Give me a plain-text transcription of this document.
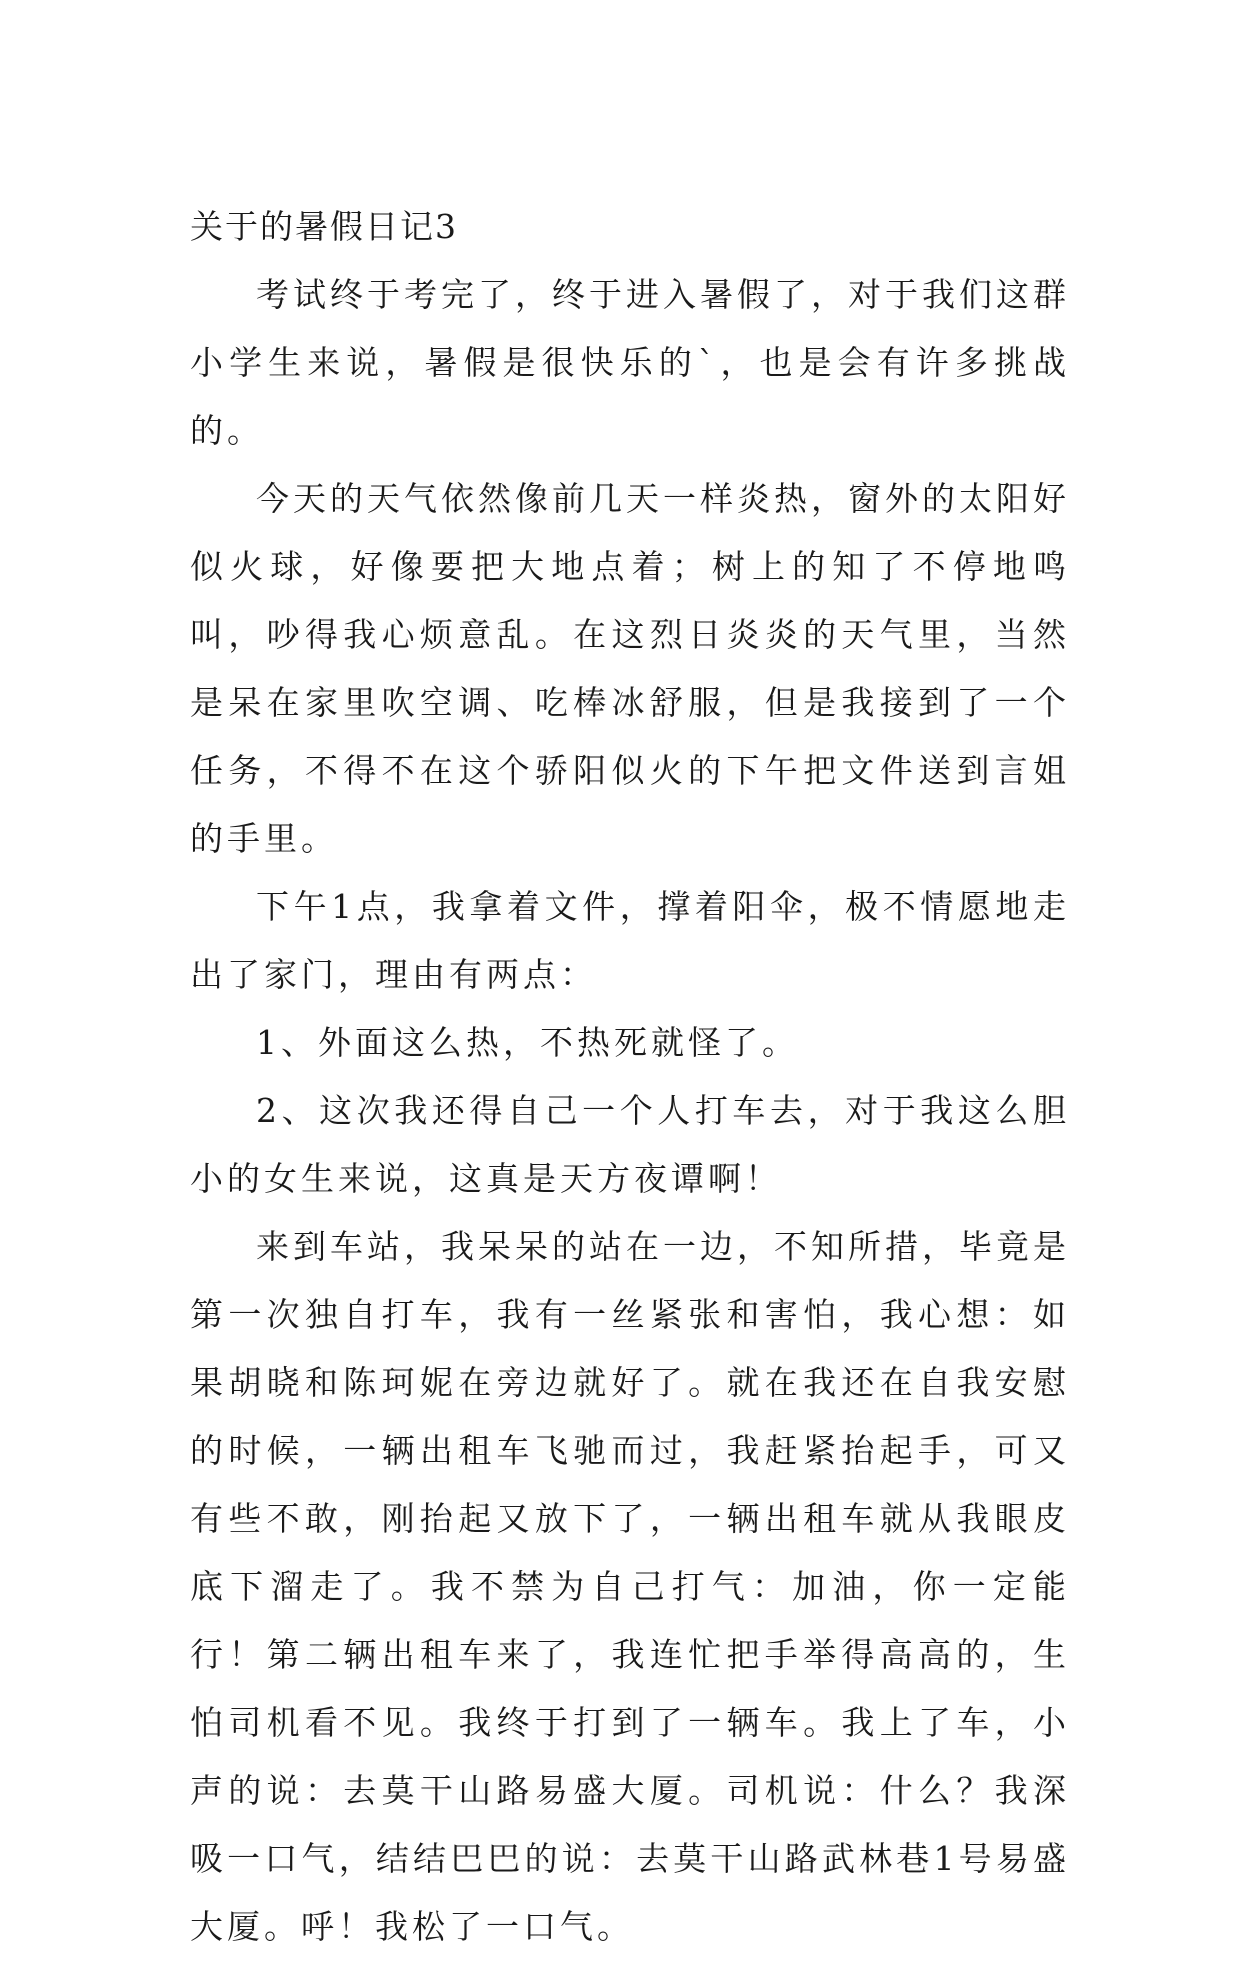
关于的暑假日记3

考试终于考完了，终于进入暑假了，对于我们这群小学生来说，暑假是很快乐的`，也是会有许多挑战的。

今天的天气依然像前几天一样炎热，窗外的太阳好似火球，好像要把大地点着；树上的知了不停地鸣叫，吵得我心烦意乱。在这烈日炎炎的天气里，当然是呆在家里吹空调、吃棒冰舒服，但是我接到了一个任务，不得不在这个骄阳似火的下午把文件送到言姐的手里。

下午1点，我拿着文件，撑着阳伞，极不情愿地走出了家门，理由有两点：

1、外面这么热，不热死就怪了。

2、这次我还得自己一个人打车去，对于我这么胆小的女生来说，这真是天方夜谭啊！

来到车站，我呆呆的站在一边，不知所措，毕竟是第一次独自打车，我有一丝紧张和害怕，我心想：如果胡晓和陈珂妮在旁边就好了。就在我还在自我安慰的时候，一辆出租车飞驰而过，我赶紧抬起手，可又有些不敢，刚抬起又放下了，一辆出租车就从我眼皮底下溜走了。我不禁为自己打气：加油，你一定能行！第二辆出租车来了，我连忙把手举得高高的，生怕司机看不见。我终于打到了一辆车。我上了车，小声的说：去莫干山路易盛大厦。司机说：什么？我深吸一口气，结结巴巴的说：去莫干山路武林巷1号易盛大厦。呼！我松了一口气。
